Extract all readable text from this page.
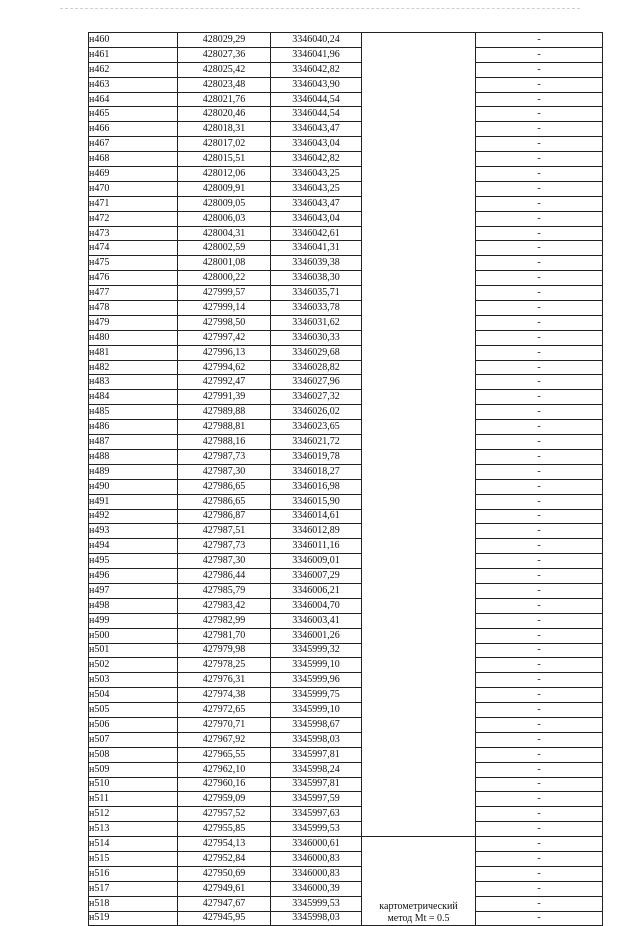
н460	428029,29	3346040,24		-
н461	428027,36	3346041,96		-
н462	428025,42	3346042,82		-
н463	428023,48	3346043,90		-
н464	428021,76	3346044,54		-
н465	428020,46	3346044,54		-
н466	428018,31	3346043,47		-
н467	428017,02	3346043,04		-
н468	428015,51	3346042,82		-
н469	428012,06	3346043,25		-
н470	428009,91	3346043,25		-
н471	428009,05	3346043,47		-
н472	428006,03	3346043,04		-
н473	428004,31	3346042,61		-
н474	428002,59	3346041,31		-
н475	428001,08	3346039,38		-
н476	428000,22	3346038,30		-
н477	427999,57	3346035,71		-
н478	427999,14	3346033,78		-
н479	427998,50	3346031,62		-
н480	427997,42	3346030,33		-
н481	427996,13	3346029,68		-
н482	427994,62	3346028,82		-
н483	427992,47	3346027,96		-
н484	427991,39	3346027,32		-
н485	427989,88	3346026,02		-
н486	427988,81	3346023,65		-
н487	427988,16	3346021,72		-
н488	427987,73	3346019,78		-
н489	427987,30	3346018,27		-
н490	427986,65	3346016,98		-
н491	427986,65	3346015,90		-
н492	427986,87	3346014,61		-
н493	427987,51	3346012,89		-
н494	427987,73	3346011,16		-
н495	427987,30	3346009,01		-
н496	427986,44	3346007,29		-
н497	427985,79	3346006,21		-
н498	427983,42	3346004,70		-
н499	427982,99	3346003,41		-
н500	427981,70	3346001,26		-
н501	427979,98	3345999,32		-
н502	427978,25	3345999,10		-
н503	427976,31	3345999,96		-
н504	427974,38	3345999,75		-
н505	427972,65	3345999,10		-
н506	427970,71	3345998,67		-
н507	427967,92	3345998,03		-
н508	427965,55	3345997,81		-
н509	427962,10	3345998,24		-
н510	427960,16	3345997,81		-
н511	427959,09	3345997,59		-
н512	427957,52	3345997,63		-
н513	427955,85	3345999,53		-
н514	427954,13	3346000,61	картометрический
метод Mt = 0.5	-
н515	427952,84	3346000,83		-
н516	427950,69	3346000,83		-
н517	427949,61	3346000,39		-
н518	427947,67	3345999,53		-
н519	427945,95	3345998,03		-
